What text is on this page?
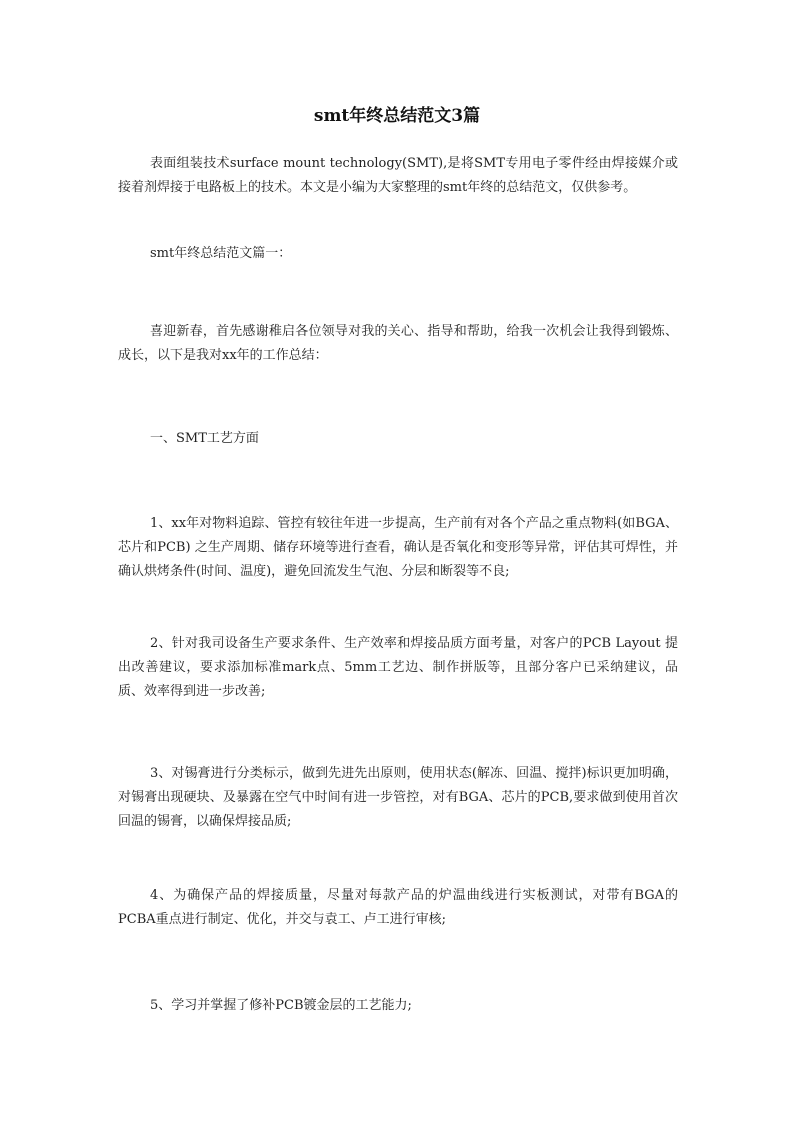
smt年终总结范文3篇

表面组装技术surface mount technology(SMT),是将SMT专用电子零件经由焊接媒介或接着剂焊接于电路板上的技术。本文是小编为大家整理的smt年终的总结范文，仅供参考。

smt年终总结范文篇一：

喜迎新春，首先感谢稚启各位领导对我的关心、指导和帮助，给我一次机会让我得到锻炼、成长，以下是我对xx年的工作总结：

一、SMT工艺方面

1、xx年对物料追踪、管控有较往年进一步提高，生产前有对各个产品之重点物料(如BGA、芯片和PCB) 之生产周期、储存环境等进行查看，确认是否氧化和变形等异常，评估其可焊性，并确认烘烤条件(时间、温度)，避免回流发生气泡、分层和断裂等不良;

2、针对我司设备生产要求条件、生产效率和焊接品质方面考量，对客户的PCB Layout 提出改善建议，要求添加标准mark点、5mm工艺边、制作拼版等，且部分客户已采纳建议，品质、效率得到进一步改善;

3、对锡膏进行分类标示，做到先进先出原则，使用状态(解冻、回温、搅拌)标识更加明确，对锡膏出现硬块、及暴露在空气中时间有进一步管控，对有BGA、芯片的PCB,要求做到使用首次回温的锡膏，以确保焊接品质;

4、为确保产品的焊接质量，尽量对每款产品的炉温曲线进行实板测试，对带有BGA的PCBA重点进行制定、优化，并交与袁工、卢工进行审核;

5、学习并掌握了修补PCB镀金层的工艺能力;
